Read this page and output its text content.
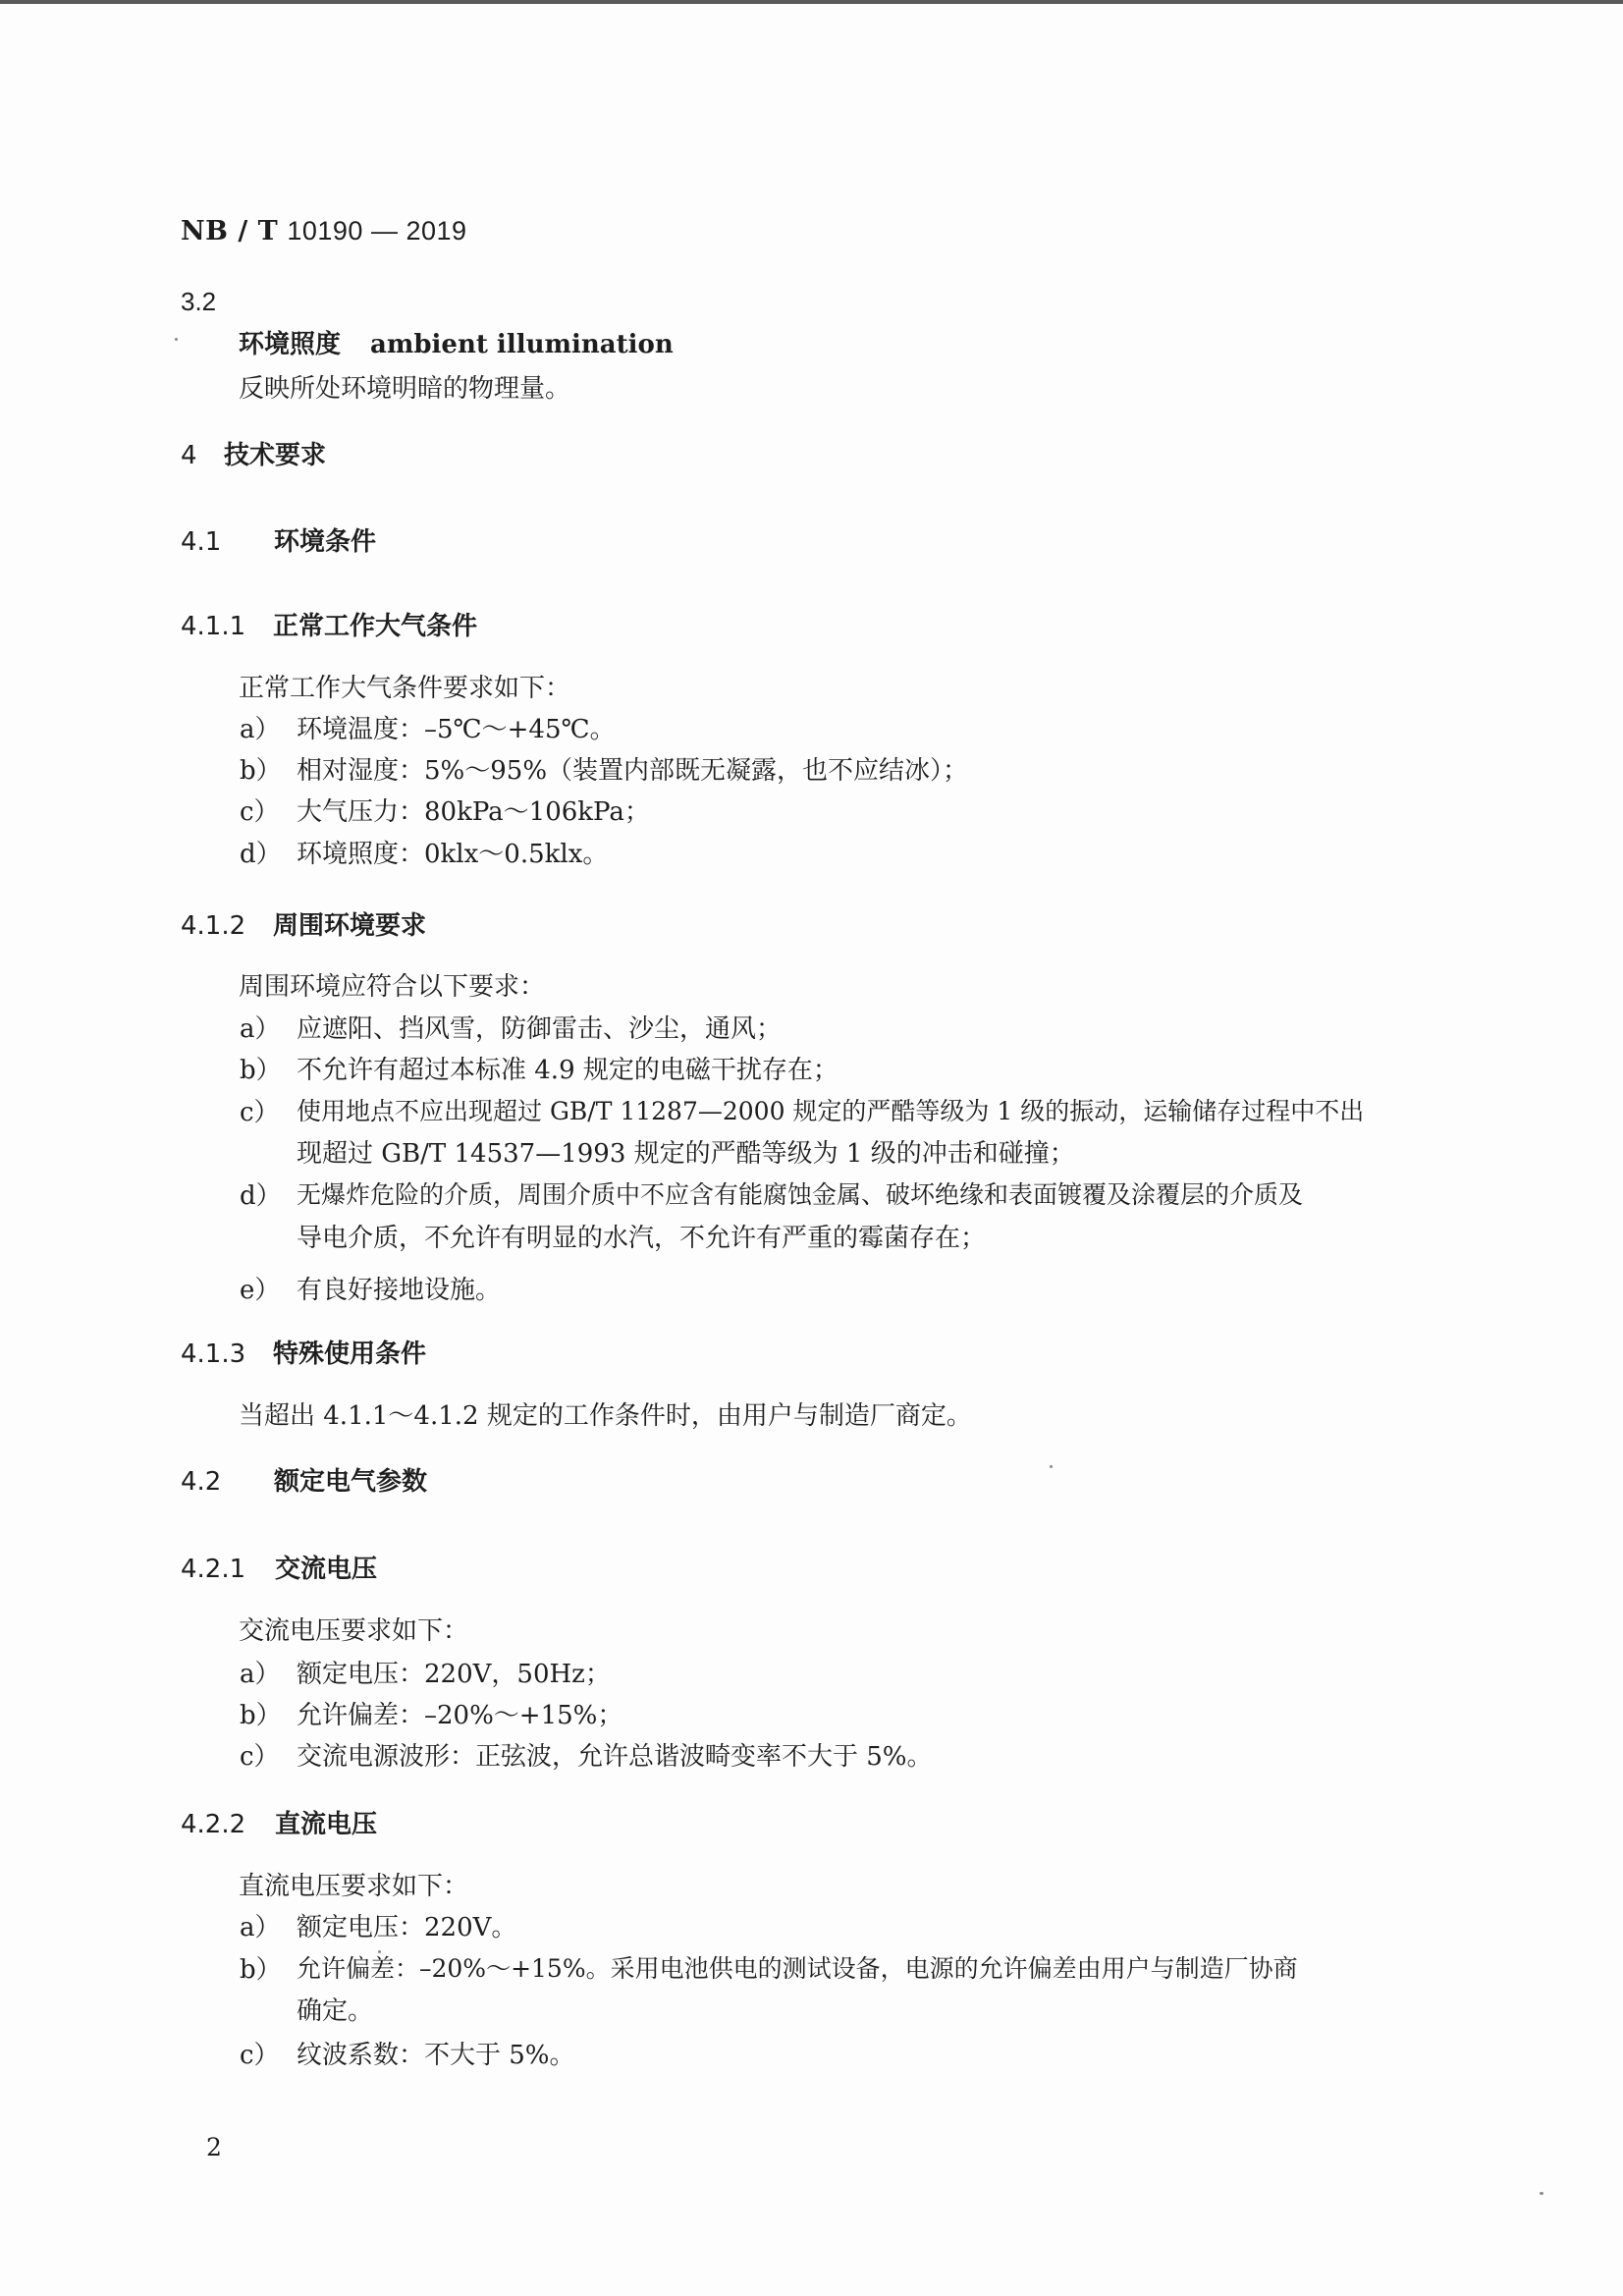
NB / T 10190 — 2019
3.2
环境照度 ambient illumination
反映所处环境明暗的物理量。
4 技术要求
4.1 环境条件
4.1.1 正常工作大气条件
正常工作大气条件要求如下：
a） 环境温度：–5℃～+45℃。
b） 相对湿度：5%～95%（装置内部既无凝露，也不应结冰）；
c） 大气压力：80kPa～106kPa；
d） 环境照度：0klx～0.5klx。
4.1.2 周围环境要求
周围环境应符合以下要求：
a） 应遮阳、挡风雪，防御雷击、沙尘，通风；
b） 不允许有超过本标准 4.9 规定的电磁干扰存在；
c） 使用地点不应出现超过 GB/T 11287—2000 规定的严酷等级为 1 级的振动，运输储存过程中不出
现超过 GB/T 14537—1993 规定的严酷等级为 1 级的冲击和碰撞；
d） 无爆炸危险的介质，周围介质中不应含有能腐蚀金属、破坏绝缘和表面镀覆及涂覆层的介质及
导电介质，不允许有明显的水汽，不允许有严重的霉菌存在；
e） 有良好接地设施。
4.1.3 特殊使用条件
当超出 4.1.1～4.1.2 规定的工作条件时，由用户与制造厂商定。
4.2 额定电气参数
4.2.1 交流电压
交流电压要求如下：
a） 额定电压：220V，50Hz；
b） 允许偏差：–20%～+15%；
c） 交流电源波形：正弦波，允许总谐波畸变率不大于 5%。
4.2.2 直流电压
直流电压要求如下：
a） 额定电压：220V。
b） 允许偏差：–20%～+15%。采用电池供电的测试设备，电源的允许偏差由用户与制造厂协商
确定。
c） 纹波系数：不大于 5%。
2
